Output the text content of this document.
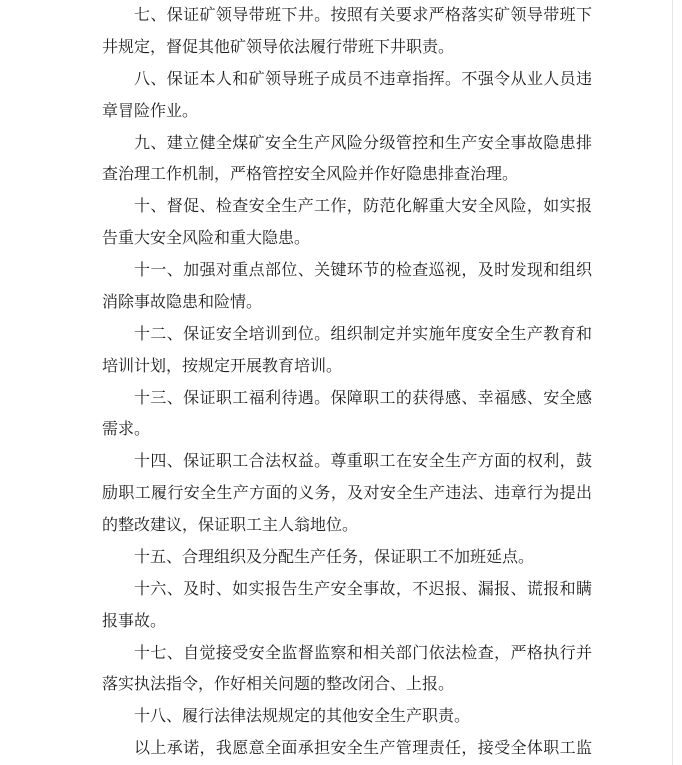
七、保证矿领导带班下井。按照有关要求严格落实矿领导带班下
井规定，督促其他矿领导依法履行带班下井职责。
八、保证本人和矿领导班子成员不违章指挥。不强令从业人员违
章冒险作业。
九、建立健全煤矿安全生产风险分级管控和生产安全事故隐患排
查治理工作机制，严格管控安全风险并作好隐患排查治理。
十、督促、检查安全生产工作，防范化解重大安全风险，如实报
告重大安全风险和重大隐患。
十一、加强对重点部位、关键环节的检查巡视，及时发现和组织
消除事故隐患和险情。
十二、保证安全培训到位。组织制定并实施年度安全生产教育和
培训计划，按规定开展教育培训。
十三、保证职工福利待遇。保障职工的获得感、幸福感、安全感
需求。
十四、保证职工合法权益。尊重职工在安全生产方面的权利，鼓
励职工履行安全生产方面的义务，及对安全生产违法、违章行为提出
的整改建议，保证职工主人翁地位。
十五、合理组织及分配生产任务，保证职工不加班延点。
十六、及时、如实报告生产安全事故，不迟报、漏报、谎报和瞒
报事故。
十七、自觉接受安全监督监察和相关部门依法检查，严格执行并
落实执法指令，作好相关问题的整改闭合、上报。
十八、履行法律法规规定的其他安全生产职责。
以上承诺，我愿意全面承担安全生产管理责任，接受全体职工监
